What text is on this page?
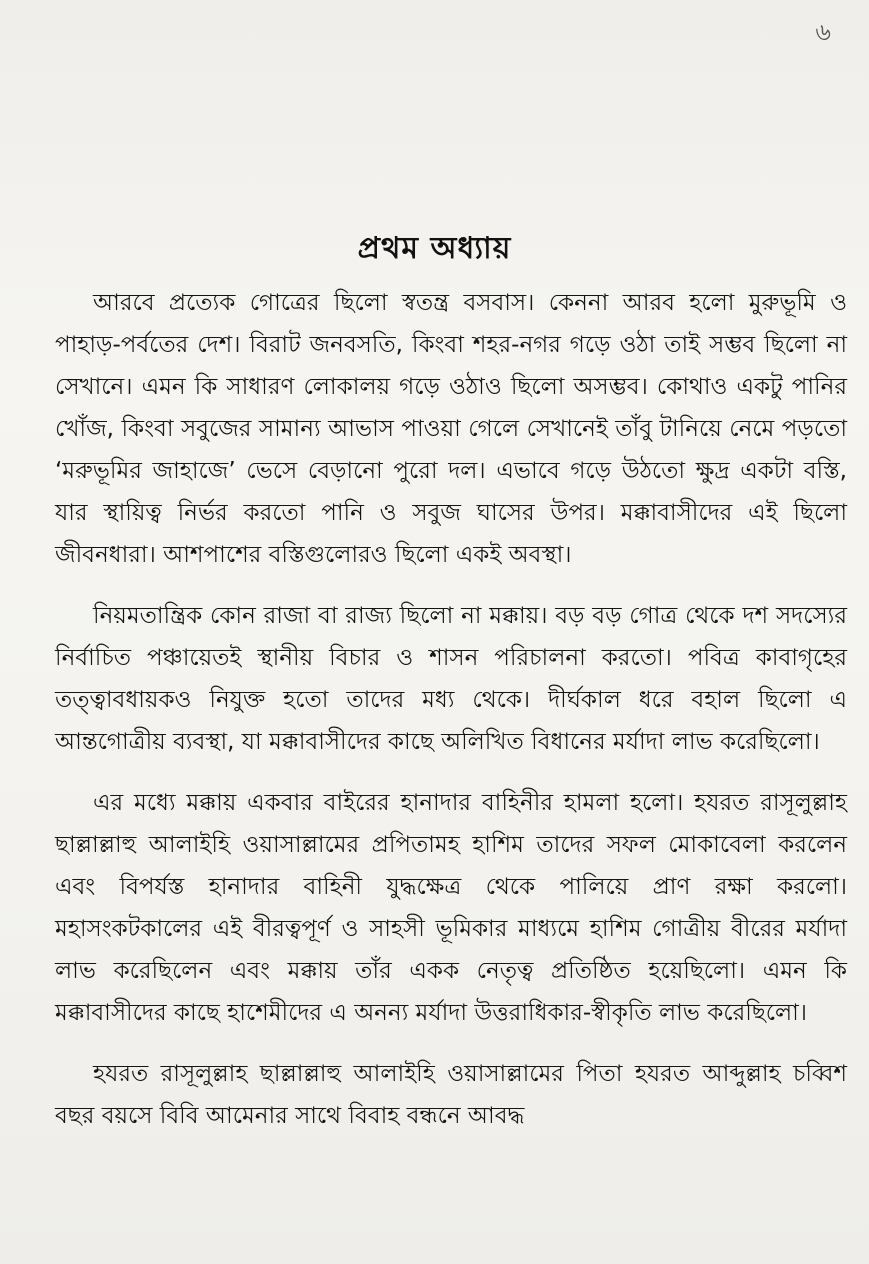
৬
প্রথম অধ্যায়

আরবে প্রত্যেক গোত্রের ছিলো স্বতন্ত্র বসবাস। কেননা আরব হলো মুরুভূমি ও পাহাড়-পর্বতের দেশ। বিরাট জনবসতি, কিংবা শহর-নগর গড়ে ওঠা তাই সম্ভব ছিলো না সেখানে। এমন কি সাধারণ লোকালয় গড়ে ওঠাও ছিলো অসম্ভব। কোথাও একটু পানির খোঁজ, কিংবা সবুজের সামান্য আভাস পাওয়া গেলে সেখানেই তাঁবু টানিয়ে নেমে পড়তো ‘মরুভূমির জাহাজে’ ভেসে বেড়ানো পুরো দল। এভাবে গড়ে উঠতো ক্ষুদ্র একটা বস্তি, যার স্থায়িত্ব নির্ভর করতো পানি ও সবুজ ঘাসের উপর। মক্কাবাসীদের এই ছিলো জীবনধারা। আশপাশের বস্তিগুলোরও ছিলো একই অবস্থা।

নিয়মতান্ত্রিক কোন রাজা বা রাজ্য ছিলো না মক্কায়। বড় বড় গোত্র থেকে দশ সদস্যের নির্বাচিত পঞ্চায়েতই স্থানীয় বিচার ও শাসন পরিচালনা করতো। পবিত্র কাবাগৃহের তত্ত্বাবধায়কও নিযুক্ত হতো তাদের মধ্য থেকে। দীর্ঘকাল ধরে বহাল ছিলো এ আন্তগোত্রীয় ব্যবস্থা, যা মক্কাবাসীদের কাছে অলিখিত বিধানের মর্যাদা লাভ করেছিলো।

এর মধ্যে মক্কায় একবার বাইরের হানাদার বাহিনীর হামলা হলো। হযরত রাসূলুল্লাহ ছাল্লাল্লাহু আলাইহি ওয়াসাল্লামের প্রপিতামহ হাশিম তাদের সফল মোকাবেলা করলেন এবং বিপর্যস্ত হানাদার বাহিনী যুদ্ধক্ষেত্র থেকে পালিয়ে প্রাণ রক্ষা করলো। মহাসংকটকালের এই বীরত্বপূর্ণ ও সাহসী ভূমিকার মাধ্যমে হাশিম গোত্রীয় বীরের মর্যাদা লাভ করেছিলেন এবং মক্কায় তাঁর একক নেতৃত্ব প্রতিষ্ঠিত হয়েছিলো। এমন কি মক্কাবাসীদের কাছে হাশেমীদের এ অনন্য মর্যাদা উত্তরাধিকার-স্বীকৃতি লাভ করেছিলো।

হযরত রাসূলুল্লাহ ছাল্লাল্লাহু আলাইহি ওয়াসাল্লামের পিতা হযরত আব্দুল্লাহ চব্বিশ বছর বয়সে বিবি আমেনার সাথে বিবাহ বন্ধনে আবদ্ধ
